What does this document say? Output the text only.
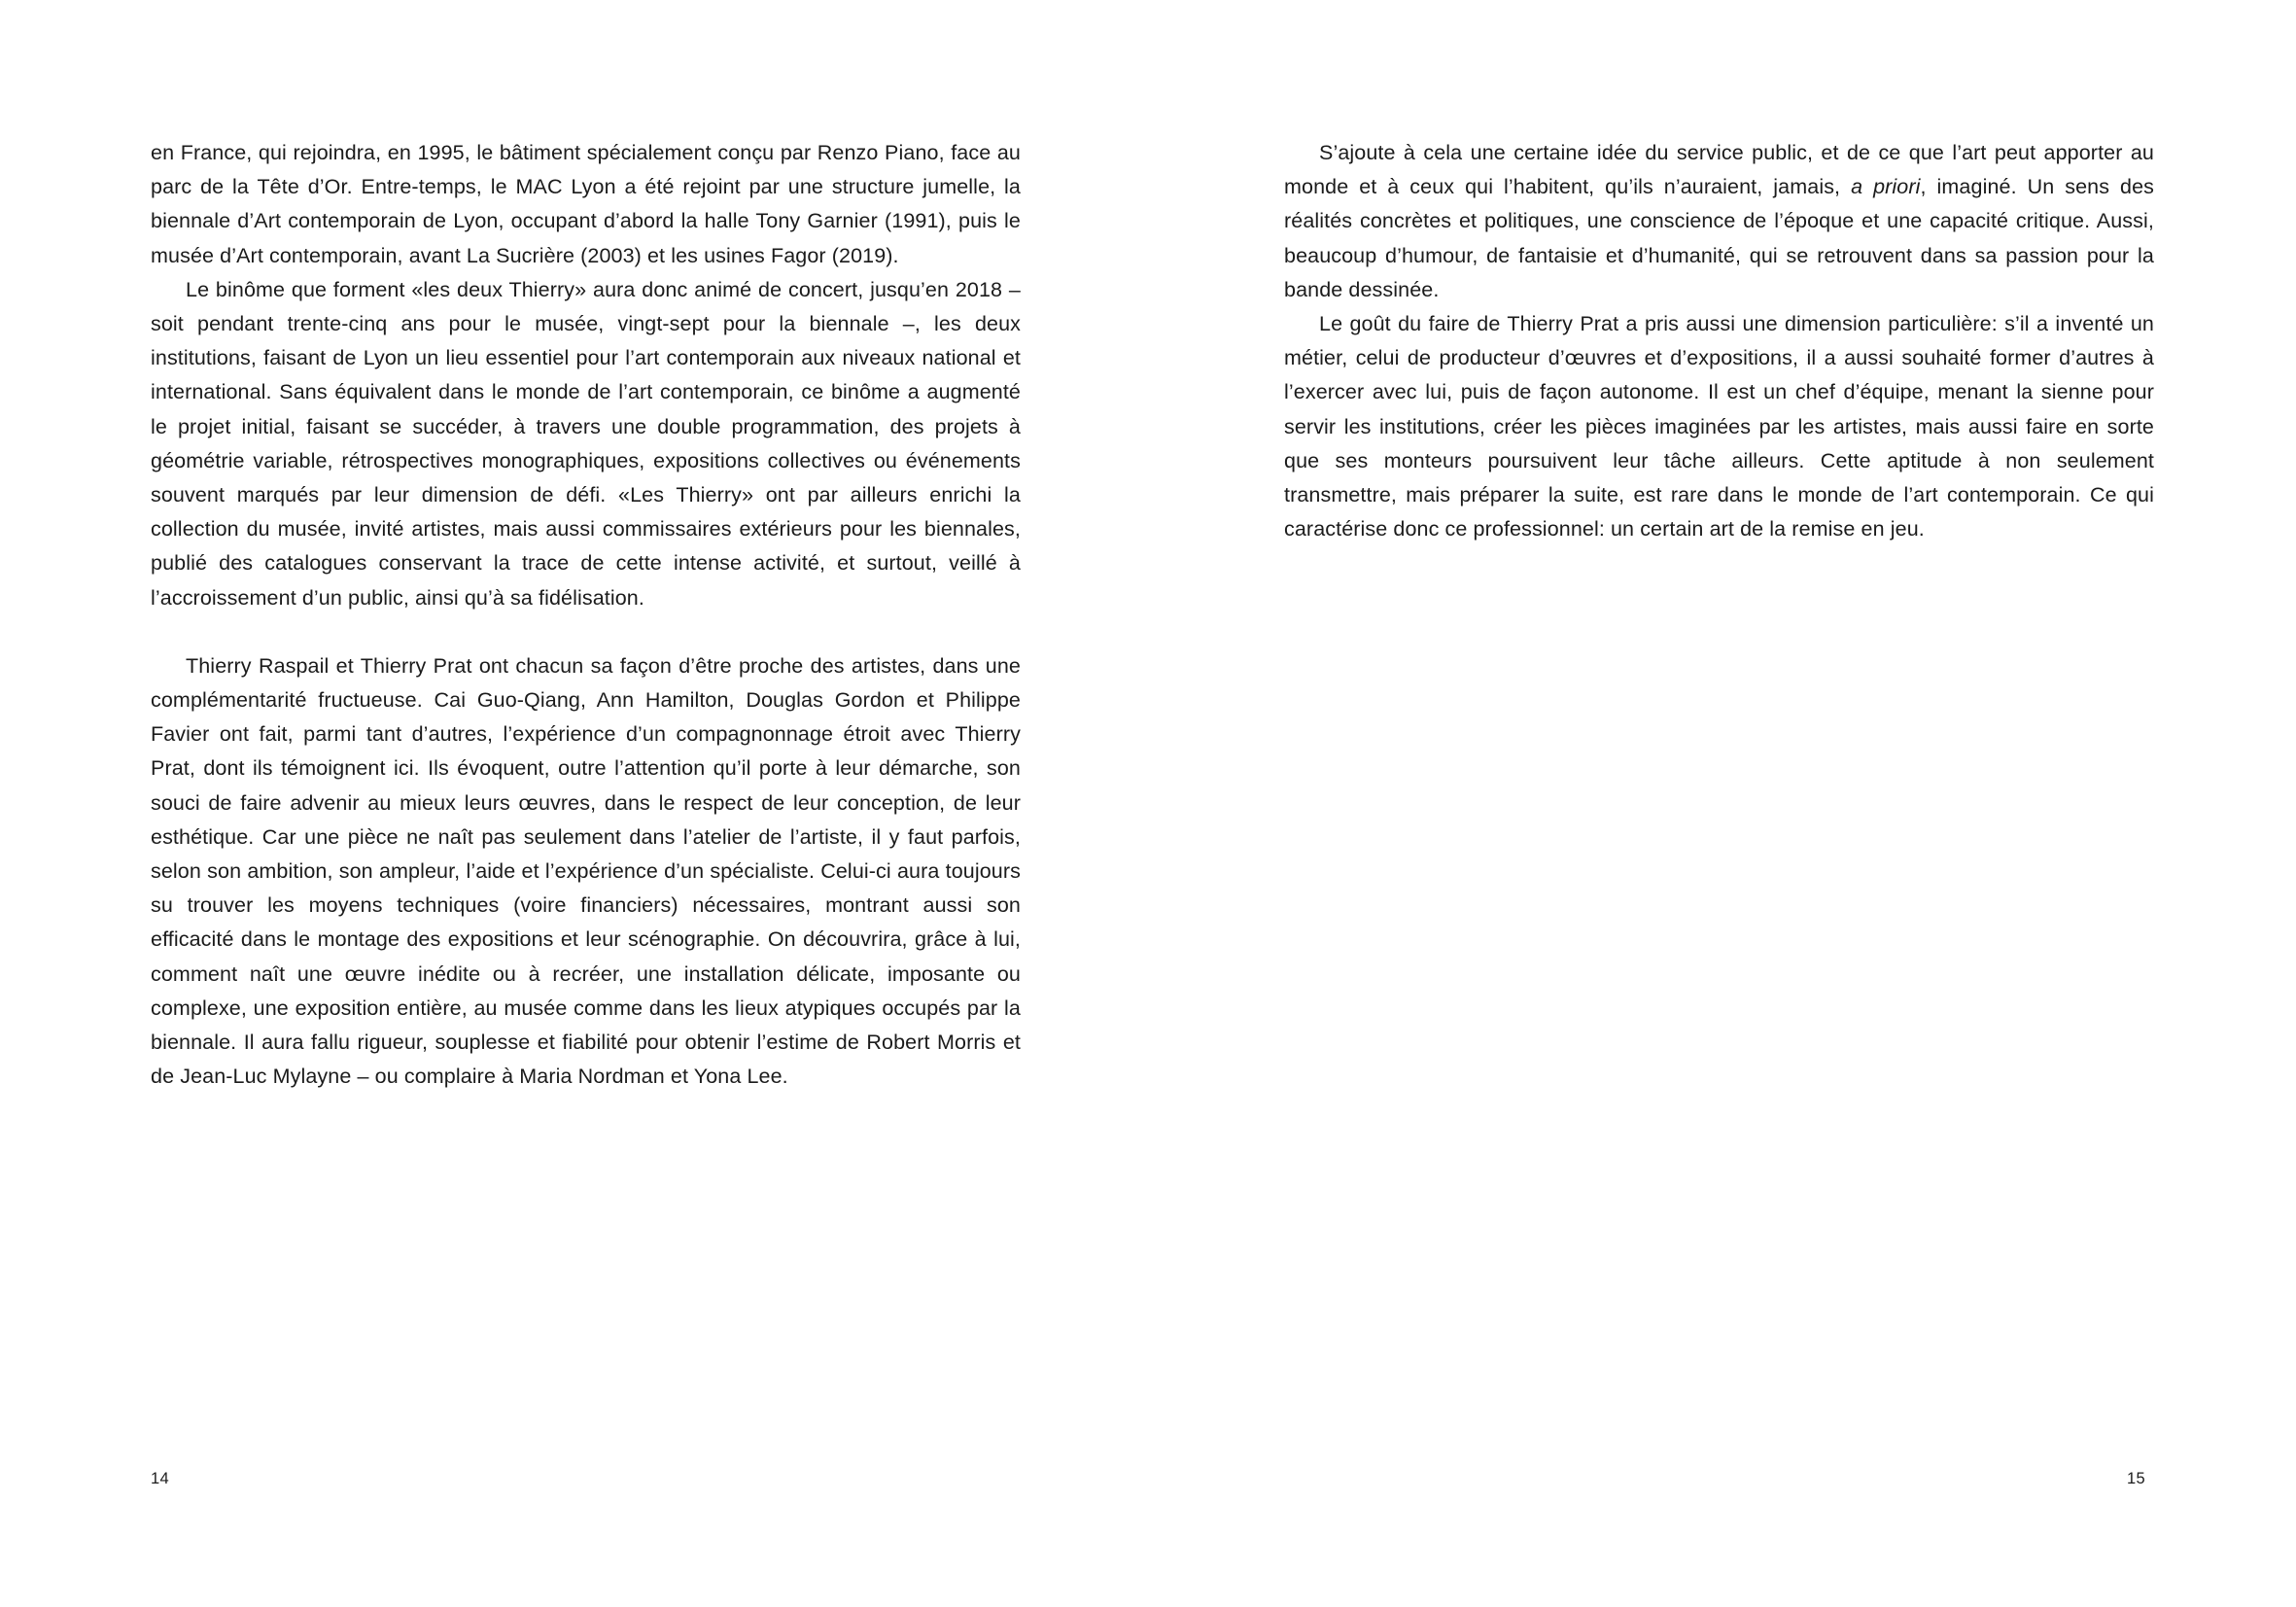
en France, qui rejoindra, en 1995, le bâtiment spécialement conçu par Renzo Piano, face au parc de la Tête d’Or. Entre-temps, le MAC Lyon a été rejoint par une structure jumelle, la biennale d’Art contemporain de Lyon, occupant d’abord la halle Tony Garnier (1991), puis le musée d’Art contemporain, avant La Sucrière (2003) et les usines Fagor (2019).

Le binôme que forment «les deux Thierry» aura donc animé de concert, jusqu’en 2018 – soit pendant trente-cinq ans pour le musée, vingt-sept pour la biennale –, les deux institutions, faisant de Lyon un lieu essentiel pour l’art contemporain aux niveaux national et international. Sans équivalent dans le monde de l’art contemporain, ce binôme a augmenté le projet initial, faisant se succéder, à travers une double programmation, des projets à géométrie variable, rétrospectives monographiques, expositions collectives ou événements souvent marqués par leur dimension de défi. «Les Thierry» ont par ailleurs enrichi la collection du musée, invité artistes, mais aussi commissaires extérieurs pour les biennales, publié des catalogues conservant la trace de cette intense activité, et surtout, veillé à l’accroissement d’un public, ainsi qu’à sa fidélisation.

Thierry Raspail et Thierry Prat ont chacun sa façon d’être proche des artistes, dans une complémentarité fructueuse. Cai Guo-Qiang, Ann Hamilton, Douglas Gordon et Philippe Favier ont fait, parmi tant d’autres, l’expérience d’un compagnonnage étroit avec Thierry Prat, dont ils témoignent ici. Ils évoquent, outre l’attention qu’il porte à leur démarche, son souci de faire advenir au mieux leurs œuvres, dans le respect de leur conception, de leur esthétique. Car une pièce ne naît pas seulement dans l’atelier de l’artiste, il y faut parfois, selon son ambition, son ampleur, l’aide et l’expérience d’un spécialiste. Celui-ci aura toujours su trouver les moyens techniques (voire financiers) nécessaires, montrant aussi son efficacité dans le montage des expositions et leur scénographie. On découvrira, grâce à lui, comment naît une œuvre inédite ou à recréer, une installation délicate, imposante ou complexe, une exposition entière, au musée comme dans les lieux atypiques occupés par la biennale. Il aura fallu rigueur, souplesse et fiabilité pour obtenir l’estime de Robert Morris et de Jean-Luc Mylayne – ou complaire à Maria Nordman et Yona Lee.

14

S’ajoute à cela une certaine idée du service public, et de ce que l’art peut apporter au monde et à ceux qui l’habitent, qu’ils n’auraient, jamais, a priori, imaginé. Un sens des réalités concrètes et politiques, une conscience de l’époque et une capacité critique. Aussi, beaucoup d’humour, de fantaisie et d’humanité, qui se retrouvent dans sa passion pour la bande dessinée.

Le goût du faire de Thierry Prat a pris aussi une dimension particulière: s’il a inventé un métier, celui de producteur d’œuvres et d’expositions, il a aussi souhaité former d’autres à l’exercer avec lui, puis de façon autonome. Il est un chef d’équipe, menant la sienne pour servir les institutions, créer les pièces imaginées par les artistes, mais aussi faire en sorte que ses monteurs poursuivent leur tâche ailleurs. Cette aptitude à non seulement transmettre, mais préparer la suite, est rare dans le monde de l’art contemporain. Ce qui caractérise donc ce professionnel: un certain art de la remise en jeu.

15
